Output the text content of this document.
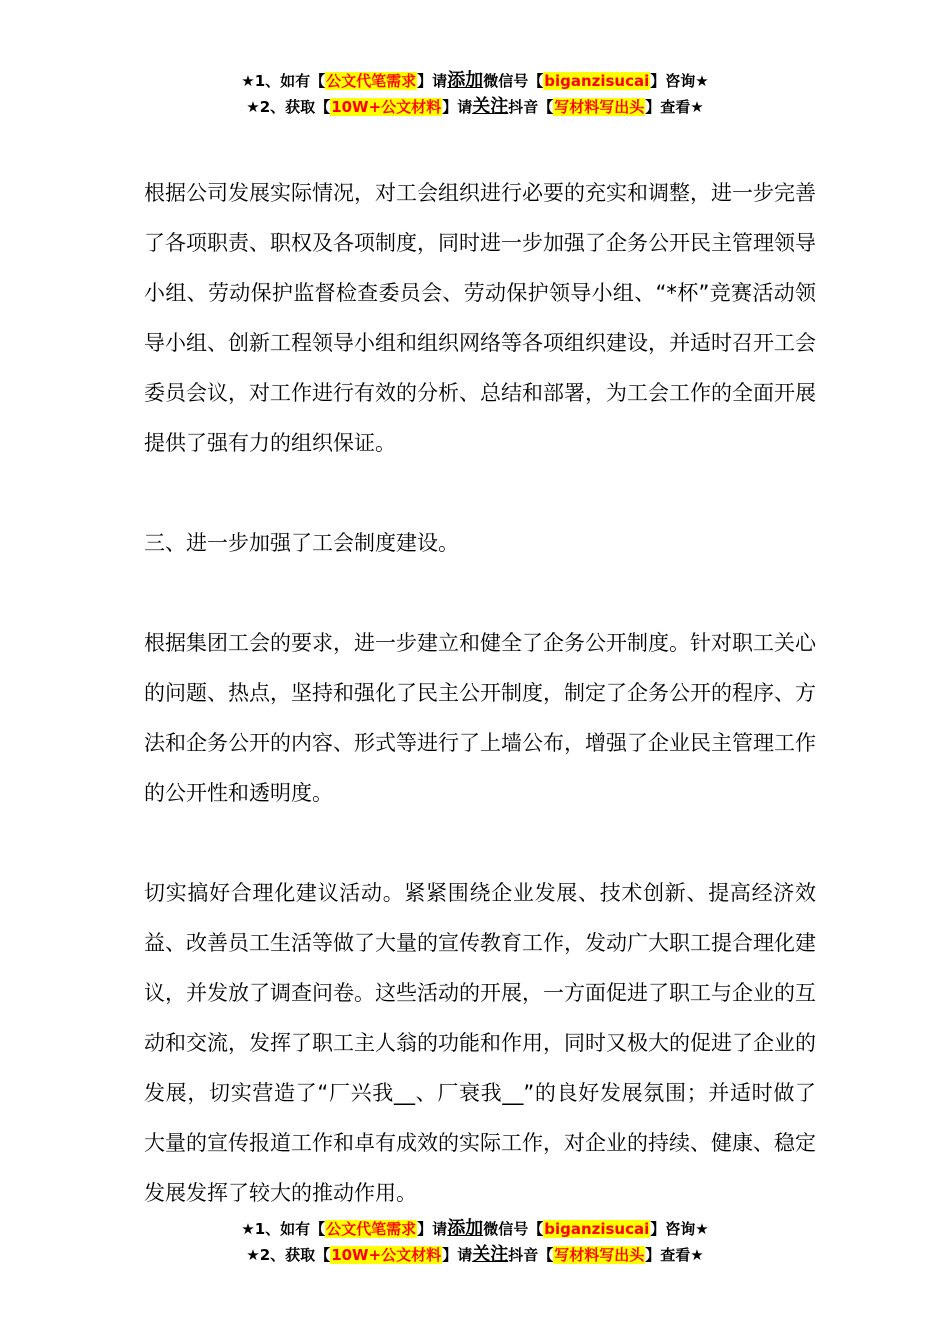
★1、如有【公文代笔需求】请添加微信号【biganzisucai】咨询★
★2、获取【10W+公文材料】请关注抖音【写材料写出头】查看★

根据公司发展实际情况，对工会组织进行必要的充实和调整，进一步完善了各项职责、职权及各项制度，同时进一步加强了企务公开民主管理领导小组、劳动保护监督检查委员会、劳动保护领导小组、“*杯”竞赛活动领导小组、创新工程领导小组和组织网络等各项组织建设，并适时召开工会委员会议，对工作进行有效的分析、总结和部署，为工会工作的全面开展提供了强有力的组织保证。

三、进一步加强了工会制度建设。

根据集团工会的要求，进一步建立和健全了企务公开制度。针对职工关心的问题、热点，坚持和强化了民主公开制度，制定了企务公开的程序、方法和企务公开的内容、形式等进行了上墙公布，增强了企业民主管理工作的公开性和透明度。

切实搞好合理化建议活动。紧紧围绕企业发展、技术创新、提高经济效益、改善员工生活等做了大量的宣传教育工作，发动广大职工提合理化建议，并发放了调查问卷。这些活动的开展，一方面促进了职工与企业的互动和交流，发挥了职工主人翁的功能和作用，同时又极大的促进了企业的发展，切实营造了“厂兴我__、厂衰我__”的良好发展氛围；并适时做了大量的宣传报道工作和卓有成效的实际工作，对企业的持续、健康、稳定发展发挥了较大的推动作用。

★1、如有【公文代笔需求】请添加微信号【biganzisucai】咨询★
★2、获取【10W+公文材料】请关注抖音【写材料写出头】查看★
